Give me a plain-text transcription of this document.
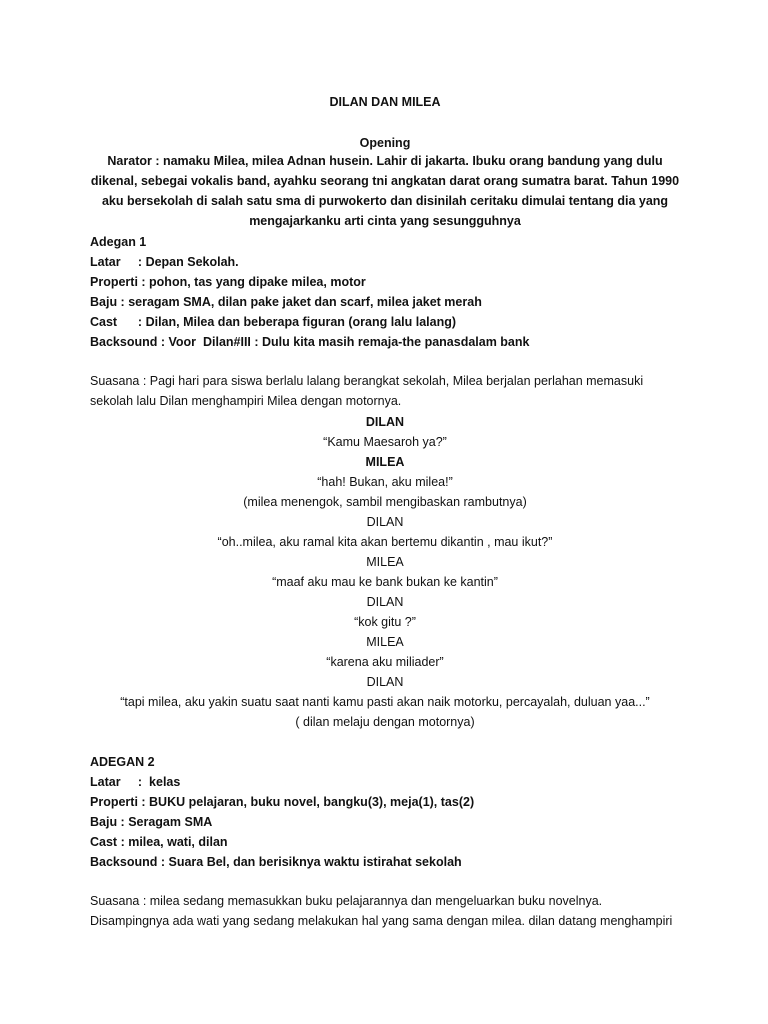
DILAN DAN MILEA
Opening
Narator : namaku Milea, milea Adnan husein. Lahir di jakarta. Ibuku orang bandung yang dulu dikenal, sebegai vokalis band, ayahku seorang tni angkatan darat orang sumatra barat. Tahun 1990 aku bersekolah di salah satu sma di purwokerto dan disinilah ceritaku dimulai tentang dia yang mengajarkanku arti cinta yang sesungguhnya
Adegan 1
Latar     : Depan Sekolah.
Properti : pohon, tas yang dipake milea, motor
Baju : seragam SMA, dilan pake jaket dan scarf, milea jaket merah
Cast      : Dilan, Milea dan beberapa figuran (orang lalu lalang)
Backsound : Voor  Dilan#III : Dulu kita masih remaja-the panasdalam bank
Suasana : Pagi hari para siswa berlalu lalang berangkat sekolah, Milea berjalan perlahan memasuki sekolah lalu Dilan menghampiri Milea dengan motornya.
DILAN
“Kamu Maesaroh ya?”
MILEA
“hah! Bukan, aku milea!”
(milea menengok, sambil mengibaskan rambutnya)
DILAN
“oh..milea, aku ramal kita akan bertemu dikantin , mau ikut?”
MILEA
“maaf aku mau ke bank bukan ke kantin”
DILAN
“kok gitu ?”
MILEA
“karena aku miliader”
DILAN
“tapi milea, aku yakin suatu saat nanti kamu pasti akan naik motorku, percayalah, duluan yaa...”
( dilan melaju dengan motornya)
ADEGAN 2
Latar     :  kelas
Properti : BUKU pelajaran, buku novel, bangku(3), meja(1), tas(2)
Baju : Seragam SMA
Cast : milea, wati, dilan
Backsound : Suara Bel, dan berisiknya waktu istirahat sekolah
Suasana : milea sedang memasukkan buku pelajarannya dan mengeluarkan buku novelnya. Disampingnya ada wati yang sedang melakukan hal yang sama dengan milea. dilan datang menghampiri
